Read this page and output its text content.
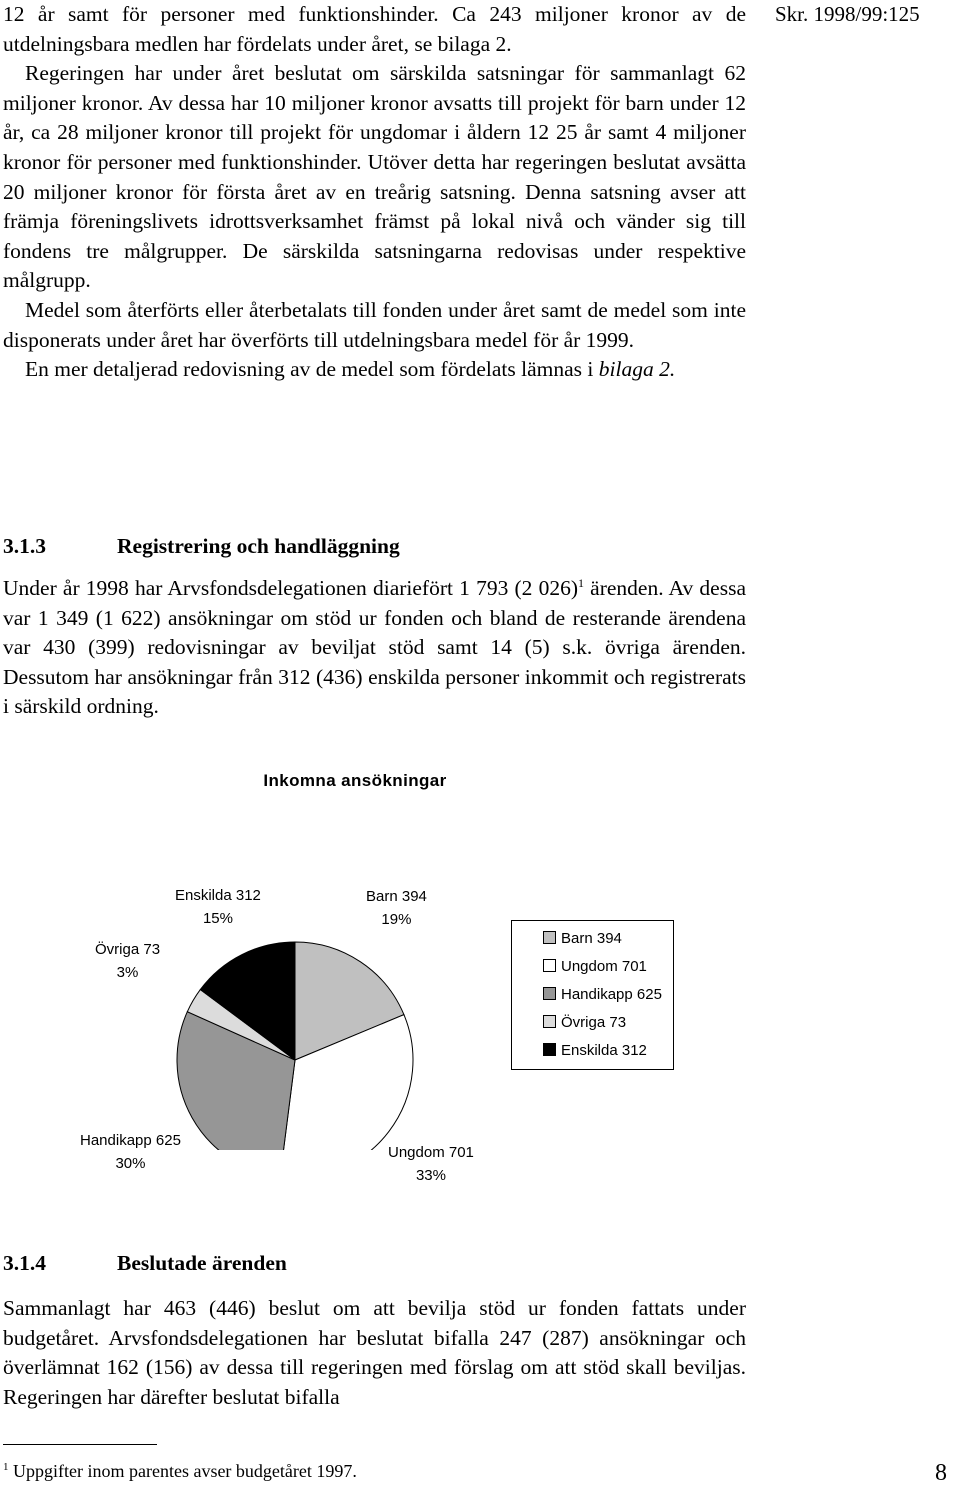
Skr. 1998/99:125

12 år samt för personer med funktionshinder. Ca 243 miljoner kronor av de utdelningsbara medlen har fördelats under året, se bilaga 2.

Regeringen har under året beslutat om särskilda satsningar för sammanlagt 62 miljoner kronor. Av dessa har 10 miljoner kronor avsatts till projekt för barn under 12 år, ca 28 miljoner kronor till projekt för ungdomar i åldern 12 25 år samt 4 miljoner kronor för personer med funktionshinder. Utöver detta har regeringen beslutat avsätta 20 miljoner kronor för första året av en treårig satsning. Denna satsning avser att främja föreningslivets idrottsverksamhet främst på lokal nivå och vänder sig till fondens tre målgrupper. De särskilda satsningarna redovisas under respektive målgrupp.

Medel som återförts eller återbetalats till fonden under året samt de medel som inte disponerats under året har överförts till utdelningsbara medel för år 1999.

En mer detaljerad redovisning av de medel som fördelats lämnas i bilaga 2.

3.1.3	Registrering och handläggning

Under år 1998 har Arvsfondsdelegationen diariefört 1 793 (2 026)$^1$ ärenden. Av dessa var 1 349 (1 622) ansökningar om stöd ur fonden och bland de resterande ärendena var 430 (399) redovisningar av beviljat stöd samt 14 (5) s.k. övriga ärenden. Dessutom har ansökningar från 312 (436) enskilda personer inkommit och registrerats i särskild ordning.

Inkomna ansökningar
Barn 394
19%
Ungdom 701
33%
Handikapp 625
30%
Övriga 73
3%
Enskilda 312
15%
Barn 394
Ungdom 701
Handikapp 625
Övriga 73
Enskilda 312
3.1.4	Beslutade ärenden

Sammanlagt har 463 (446) beslut om att bevilja stöd ur fonden fattats under budgetåret. Arvsfondsdelegationen har beslutat bifalla 247 (287) ansökningar och överlämnat 162 (156) av dessa till regeringen med förslag om att stöd skall beviljas. Regeringen har därefter beslutat bifalla

$^1$ Uppgifter inom parentes avser budgetåret 1997.	8
